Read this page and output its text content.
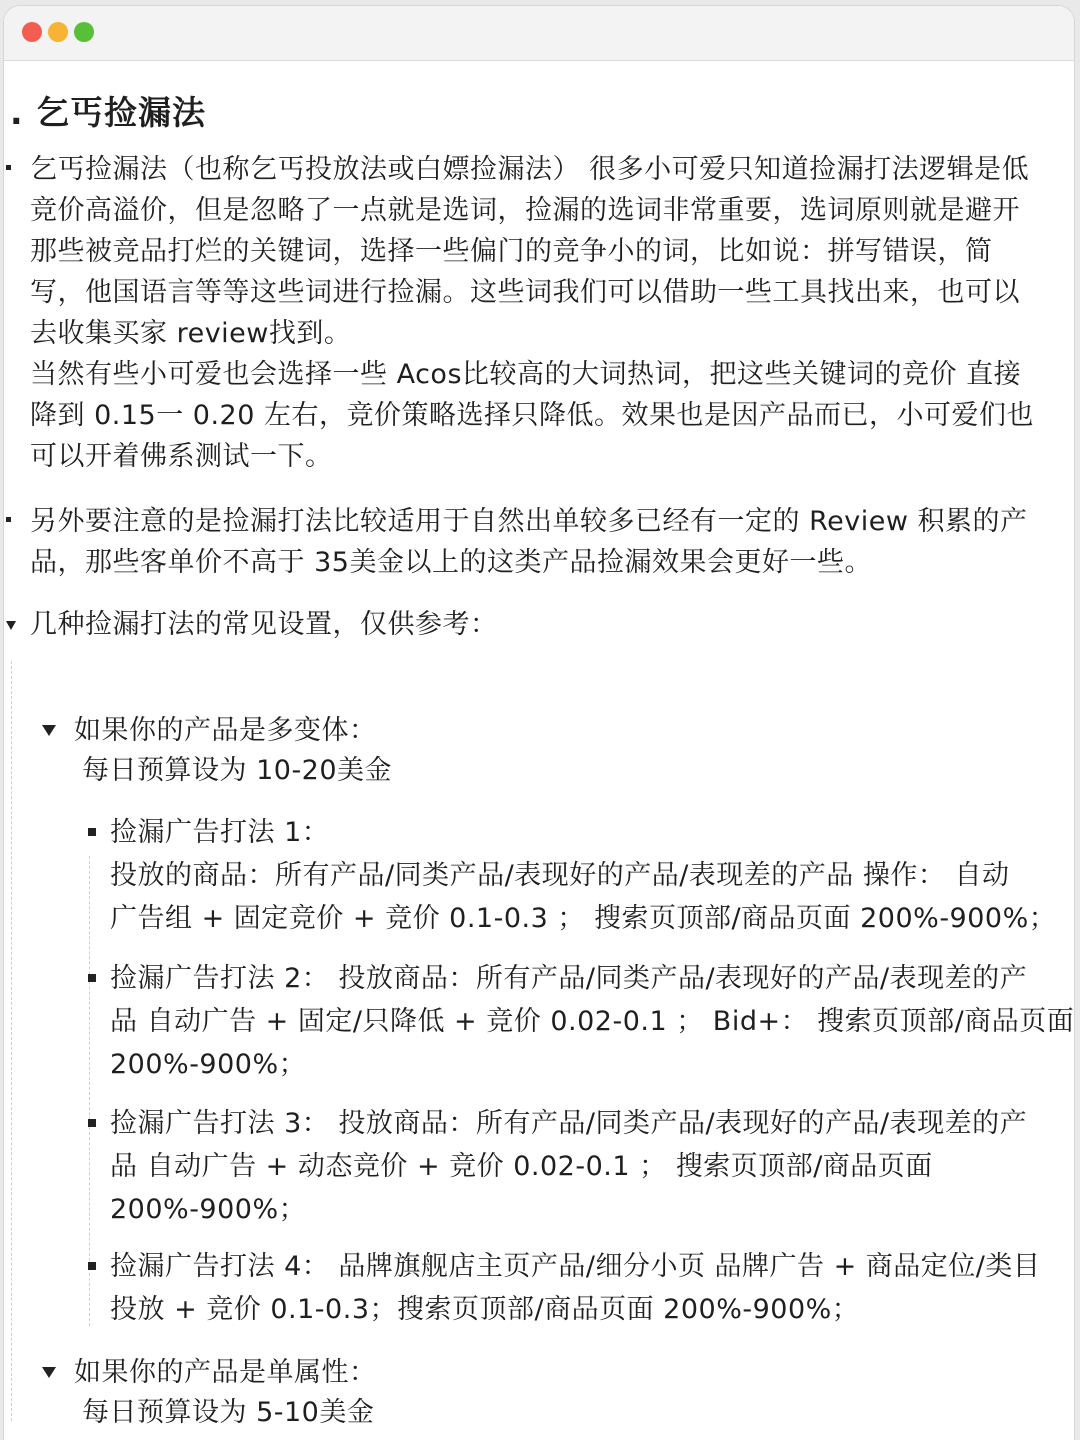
. 乞丐捡漏法
乞丐捡漏法（也称乞丐投放法或白嫖捡漏法） 很多小可爱只知道捡漏打法逻辑是低
竞价高溢价，但是忽略了一点就是选词，捡漏的选词非常重要，选词原则就是避开
那些被竞品打烂的关键词，选择一些偏门的竞争小的词，比如说：拼写错误，简
写，他国语言等等这些词进行捡漏。这些词我们可以借助一些工具找出来，也可以
去收集买家 review找到。
当然有些小可爱也会选择一些 Acos比较高的大词热词，把这些关键词的竞价 直接
降到 0.15一 0.20 左右，竞价策略选择只降低。效果也是因产品而已，小可爱们也
可以开着佛系测试一下。
另外要注意的是捡漏打法比较适用于自然出单较多已经有一定的 Review 积累的产
品，那些客单价不高于 35美金以上的这类产品捡漏效果会更好一些。
几种捡漏打法的常见设置，仅供参考：
如果你的产品是多变体：
每日预算设为 10-20美金
捡漏广告打法 1：
投放的商品：所有产品/同类产品/表现好的产品/表现差的产品 操作： 自动
广告组 + 固定竞价 + 竞价 0.1-0.3 ； 搜索页顶部/商品页面 200%-900%；
捡漏广告打法 2： 投放商品：所有产品/同类产品/表现好的产品/表现差的产
品 自动广告 + 固定/只降低 + 竞价 0.02-0.1 ； Bid+： 搜索页顶部/商品页面
200%-900%；
捡漏广告打法 3： 投放商品：所有产品/同类产品/表现好的产品/表现差的产
品 自动广告 + 动态竞价 + 竞价 0.02-0.1 ； 搜索页顶部/商品页面
200%-900%；
捡漏广告打法 4： 品牌旗舰店主页产品/细分小页 品牌广告 + 商品定位/类目
投放 + 竞价 0.1-0.3；搜索页顶部/商品页面 200%-900%；
如果你的产品是单属性：
每日预算设为 5-10美金
